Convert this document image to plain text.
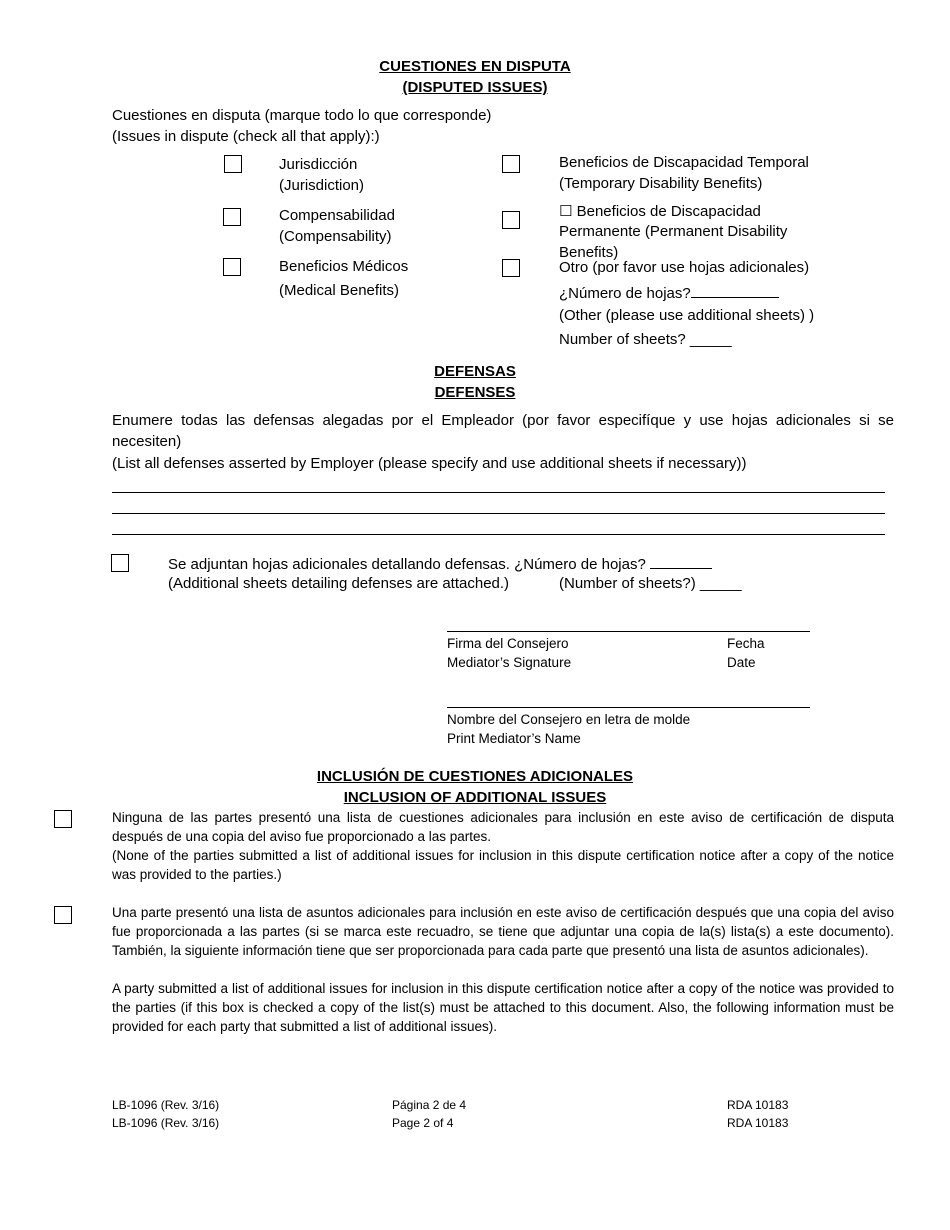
CUESTIONES EN DISPUTA
(DISPUTED ISSUES)
Cuestiones en disputa (marque todo lo que corresponde)
(Issues in dispute (check all that apply):)
Jurisdicción
(Jurisdiction)
Compensabilidad
(Compensability)
Beneficios Médicos
(Medical Benefits)
Beneficios de Discapacidad Temporal
(Temporary Disability Benefits)
☐ Beneficios de Discapacidad
Permanente (Permanent Disability
Benefits)
Otro (por favor use hojas adicionales)
¿Número de hojas?
(Other (please use additional sheets) )
Number of sheets? _____
DEFENSAS
DEFENSES
Enumere todas las defensas alegadas por el Empleador (por favor especifíque y use hojas adicionales si se necesiten)
(List all defenses asserted by Employer (please specify and use additional sheets if necessary))
Se adjuntan hojas adicionales detallando defensas. ¿Número de hojas?
(Additional sheets detailing defenses are attached.)	(Number of sheets?) _____
Firma del Consejero
Mediator’s Signature
Fecha
Date
Nombre del Consejero en letra de molde
Print Mediator’s Name
INCLUSIÓN DE CUESTIONES ADICIONALES
INCLUSION OF ADDITIONAL ISSUES
Ninguna de las partes presentó una lista de cuestiones adicionales para inclusión en este aviso de certificación de disputa después de una copia del aviso fue proporcionado a las partes.
(None of the parties submitted a list of additional issues for inclusion in this dispute certification notice after a copy of the notice was provided to the parties.)
Una parte presentó una lista de asuntos adicionales para inclusión en este aviso de certificación después que una copia del aviso fue proporcionada a las partes (si se marca este recuadro, se tiene que adjuntar una copia de la(s) lista(s) a este documento). También, la siguiente información tiene que ser proporcionada para cada parte que presentó una lista de asuntos adicionales).
A party submitted a list of additional issues for inclusion in this dispute certification notice after a copy of the notice was provided to the parties (if this box is checked a copy of the list(s) must be attached to this document. Also, the following information must be provided for each party that submitted a list of additional issues).
LB-1096 (Rev. 3/16)
LB-1096 (Rev. 3/16)
Página 2 de 4
Page 2 of 4
RDA 10183
RDA 10183
